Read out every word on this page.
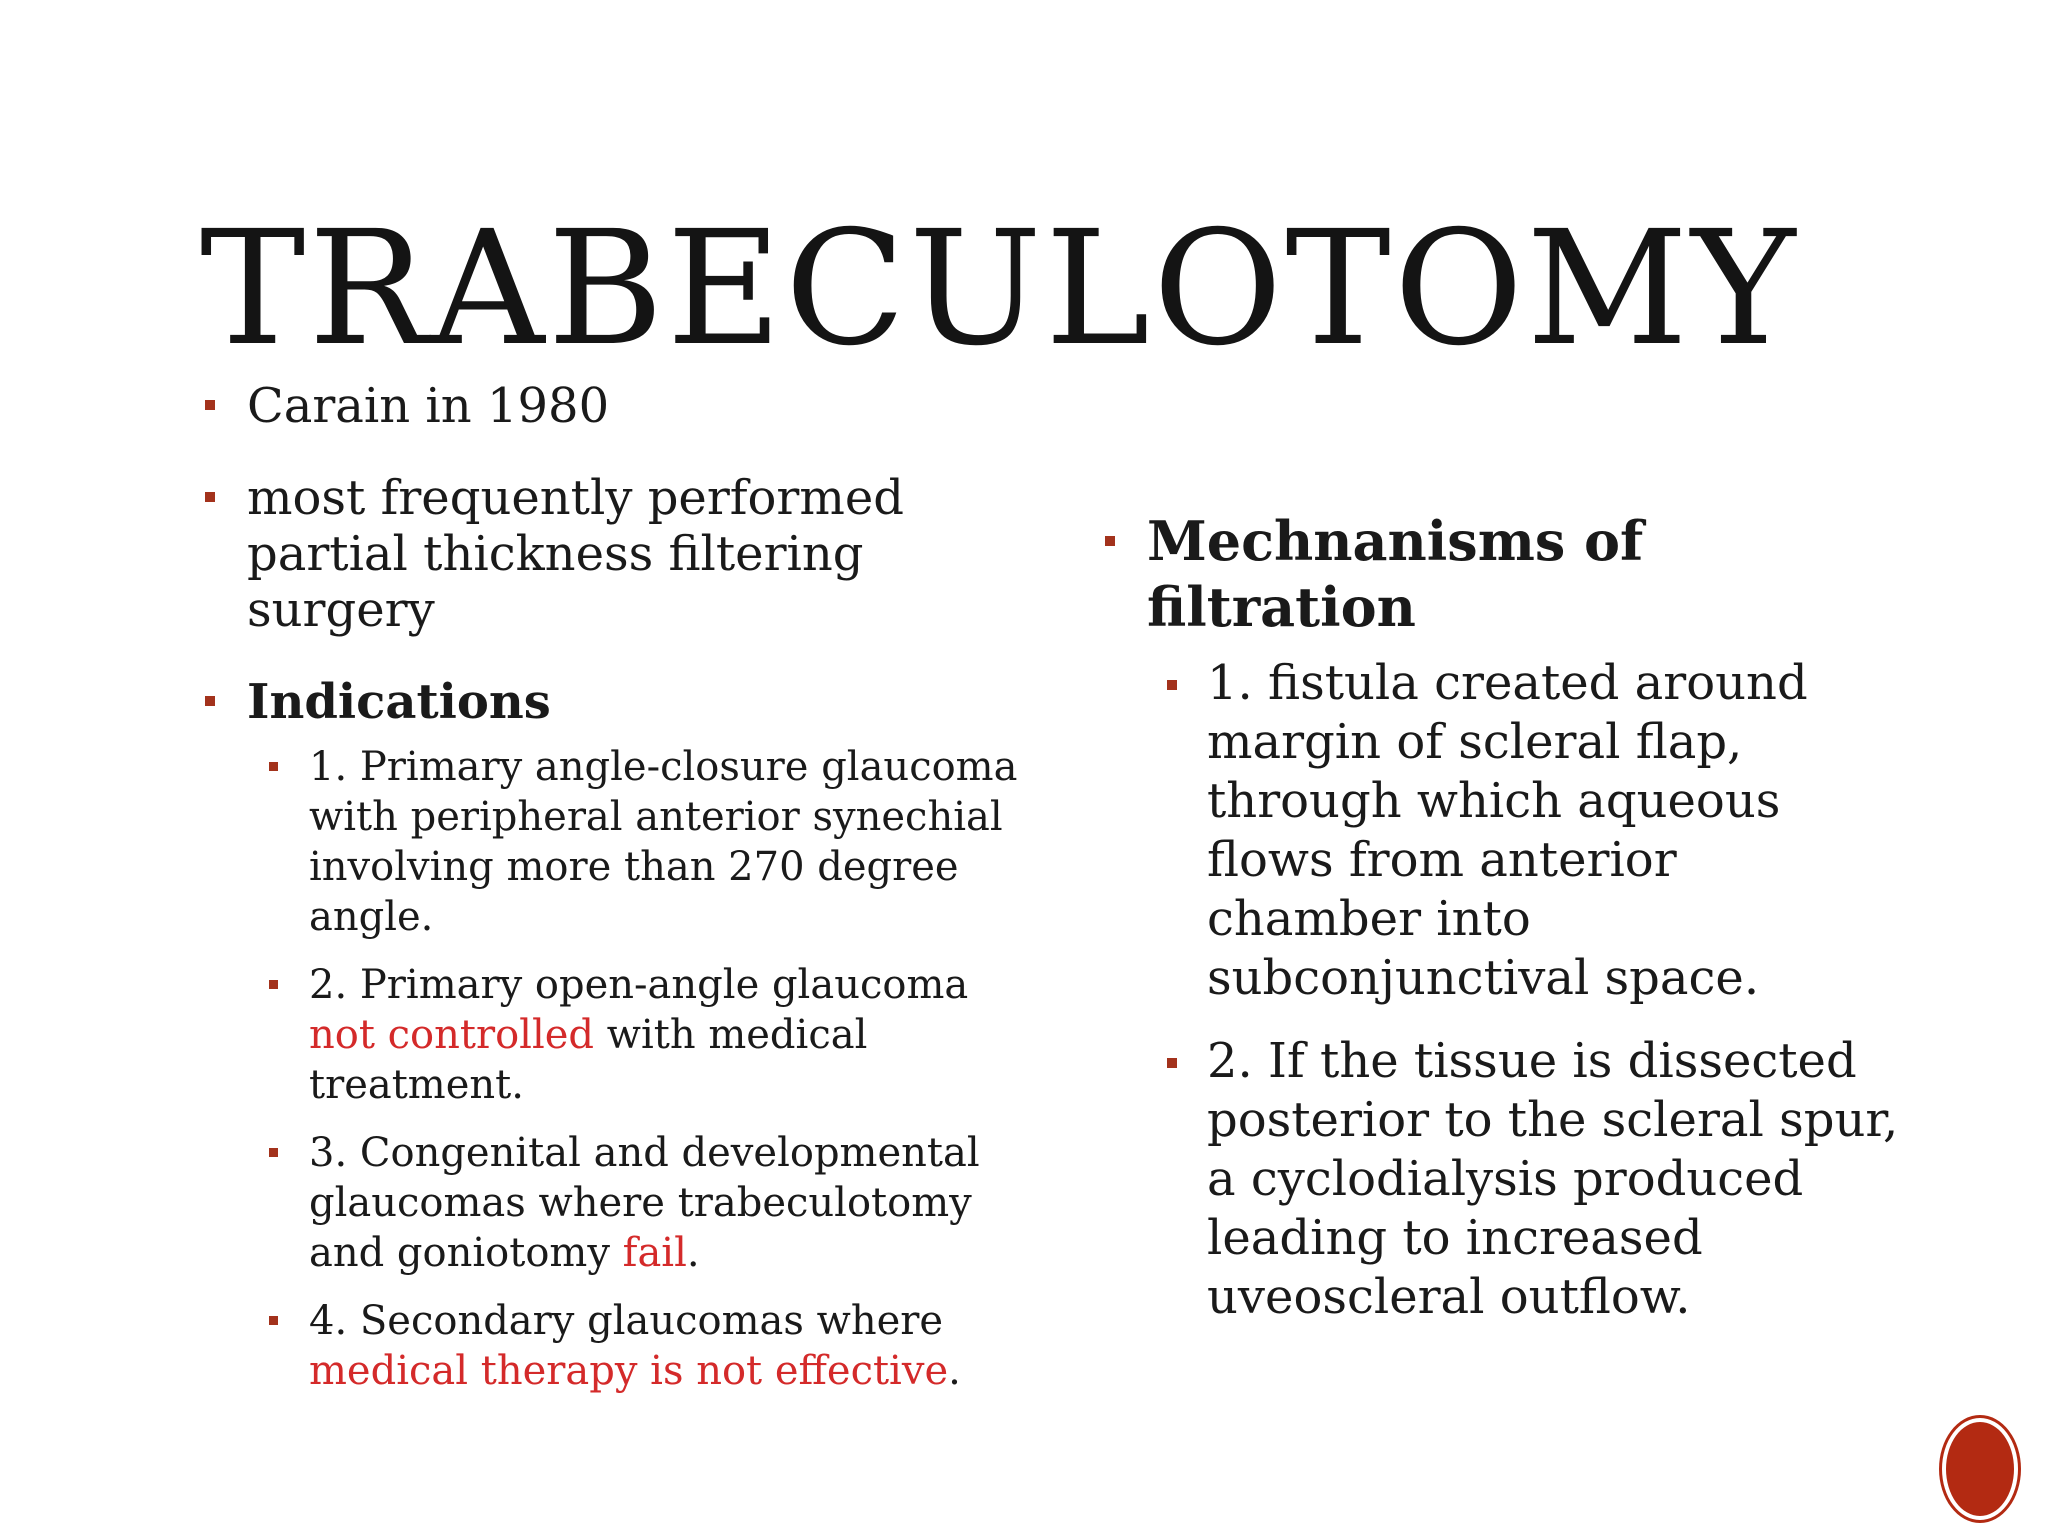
TRABECULOTOMY
Carain in 1980
most frequently performed partial thickness filtering surgery
Indications
1. Primary angle-closure glaucoma with peripheral anterior synechial involving more than 270 degree angle.
2. Primary open-angle glaucoma not controlled with medical treatment.
3. Congenital and developmental glaucomas where trabeculotomy and goniotomy fail.
4. Secondary glaucomas where medical therapy is not effective.
Mechnanisms of filtration
1. fistula created around margin of scleral flap, through which aqueous flows from anterior chamber into subconjunctival space.
2. If the tissue is dissected posterior to the scleral spur, a cyclodialysis produced leading to increased uveoscleral outflow.
